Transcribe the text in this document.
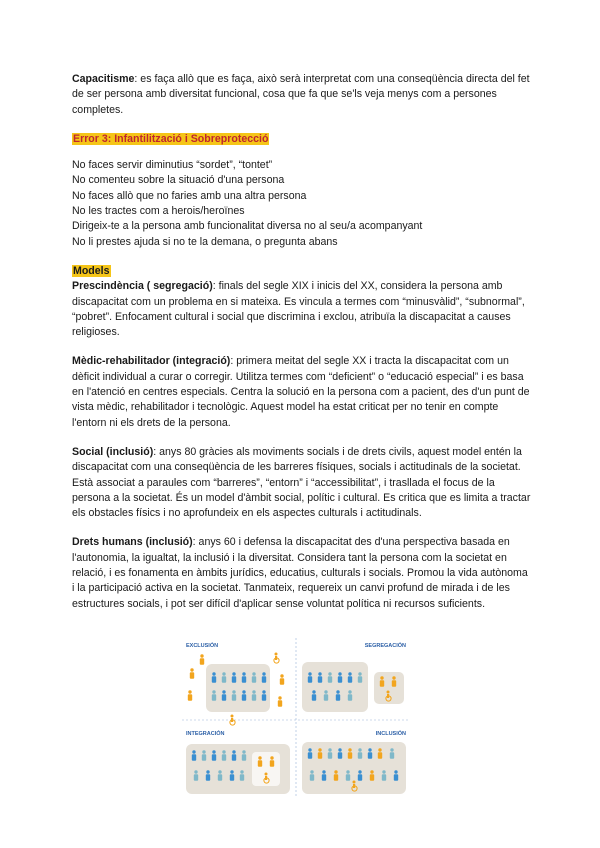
Capacitisme: es faça allò que es faça, això serà interpretat com una conseqüència directa del fet de ser persona amb diversitat funcional, cosa que fa que se'ls veja menys com a persones completes.

Error 3: Infantilització i Sobreprotecció

No faces servir diminutius “sordet”, “tontet”

No comenteu sobre la situació d'una persona

No faces allò que no faries amb una altra persona

No les tractes com a herois/heroïnes

Dirigeix-te a la persona amb funcionalitat diversa no al seu/a acompanyant

No li prestes ajuda si no te la demana, o pregunta abans

Models

Prescindència ( segregació): finals del segle XIX i inicis del XX, considera la persona amb discapacitat com un problema en si mateixa. Es vincula a termes com “minusvàlid”, “subnormal”, “pobret”. Enfocament cultural i social que discrimina i exclou, atribuïa la discapacitat a causes religioses.

Mèdic-rehabilitador (integració): primera meitat del segle XX i tracta la discapacitat com un dèficit individual a curar o corregir. Utilitza termes com “deficient” o “educació especial” i es basa en l'atenció en centres especials. Centra la solució en la persona com a pacient, des d'un punt de vista mèdic, rehabilitador i tecnològic. Aquest model ha estat criticat per no tenir en compte l'entorn ni els drets de la persona.

Social (inclusió): anys 80 gràcies als moviments socials i de drets civils, aquest model entén la discapacitat com una conseqüència de les barreres físiques, socials i actitudinals de la societat. Està associat a paraules com “barreres”, “entorn” i “accessibilitat”, i trasllada el focus de la persona a la societat. És un model d'àmbit social, polític i cultural. Es critica que es limita a tractar els obstacles físics i no aprofundeix en els aspectes culturals i actitudinals.

Drets humans (inclusió): anys 60 i defensa la discapacitat des d'una perspectiva basada en l'autonomia, la igualtat, la inclusió i la diversitat. Considera tant la persona com la societat en relació, i es fonamenta en àmbits jurídics, educatius, culturals i socials. Promou la vida autònoma i la participació activa en la societat. Tanmateix, requereix un canvi profund de mirada i de les estructures socials, i pot ser difícil d'aplicar sense voluntat política ni recursos suficients.

EXCLUSIÓN	SEGREGACIÓN
INTEGRACIÓN	INCLUSIÓN
